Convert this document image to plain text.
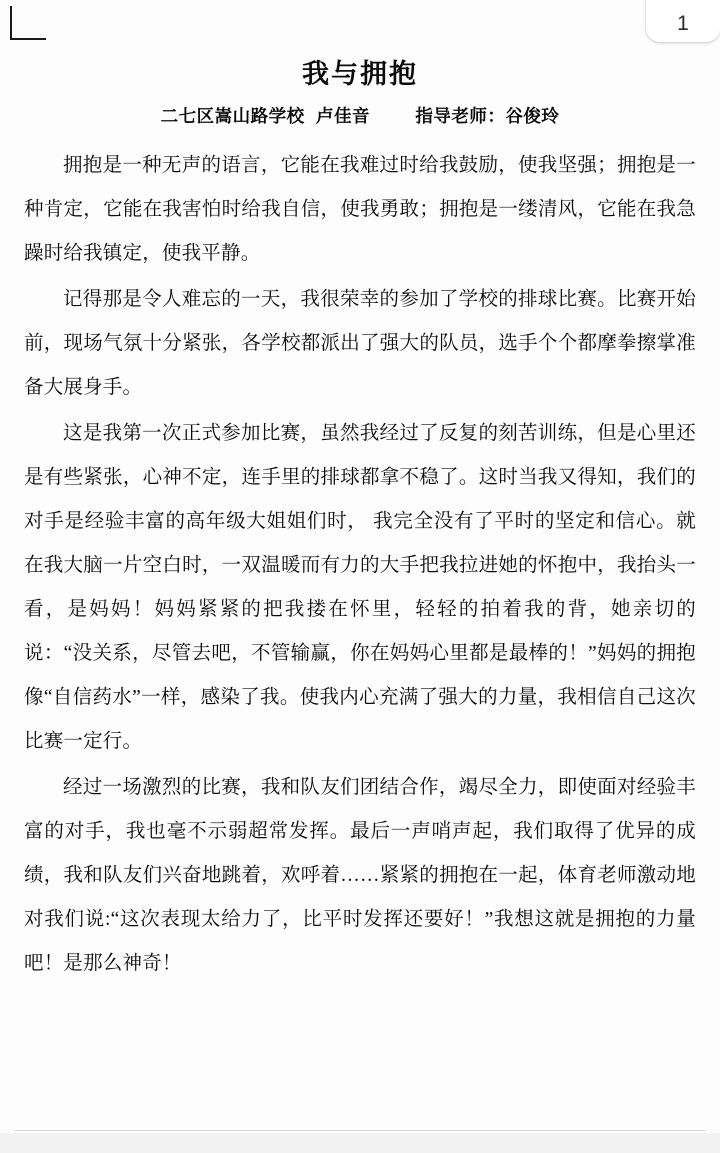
1
我与拥抱
二七区嵩山路学校 卢佳音	指导老师：谷俊玲

拥抱是一种无声的语言，它能在我难过时给我鼓励，使我坚强；拥抱是一种肯定，它能在我害怕时给我自信，使我勇敢；拥抱是一缕清风，它能在我急躁时给我镇定，使我平静。

记得那是令人难忘的一天，我很荣幸的参加了学校的排球比赛。比赛开始前，现场气氛十分紧张，各学校都派出了强大的队员，选手个个都摩拳擦掌准备大展身手。

这是我第一次正式参加比赛，虽然我经过了反复的刻苦训练，但是心里还是有些紧张，心神不定，连手里的排球都拿不稳了。这时当我又得知，我们的对手是经验丰富的高年级大姐姐们时， 我完全没有了平时的坚定和信心。就在我大脑一片空白时，一双温暖而有力的大手把我拉进她的怀抱中，我抬头一看，是妈妈！妈妈紧紧的把我搂在怀里，轻轻的拍着我的背，她亲切的说：“没关系，尽管去吧，不管输赢，你在妈妈心里都是最棒的！”妈妈的拥抱像“自信药水”一样，感染了我。使我内心充满了强大的力量，我相信自己这次比赛一定行。

经过一场激烈的比赛，我和队友们团结合作，竭尽全力，即使面对经验丰富的对手，我也毫不示弱超常发挥。最后一声哨声起，我们取得了优异的成绩，我和队友们兴奋地跳着，欢呼着……紧紧的拥抱在一起，体育老师激动地对我们说:“这次表现太给力了，比平时发挥还要好！”我想这就是拥抱的力量吧！是那么神奇！
